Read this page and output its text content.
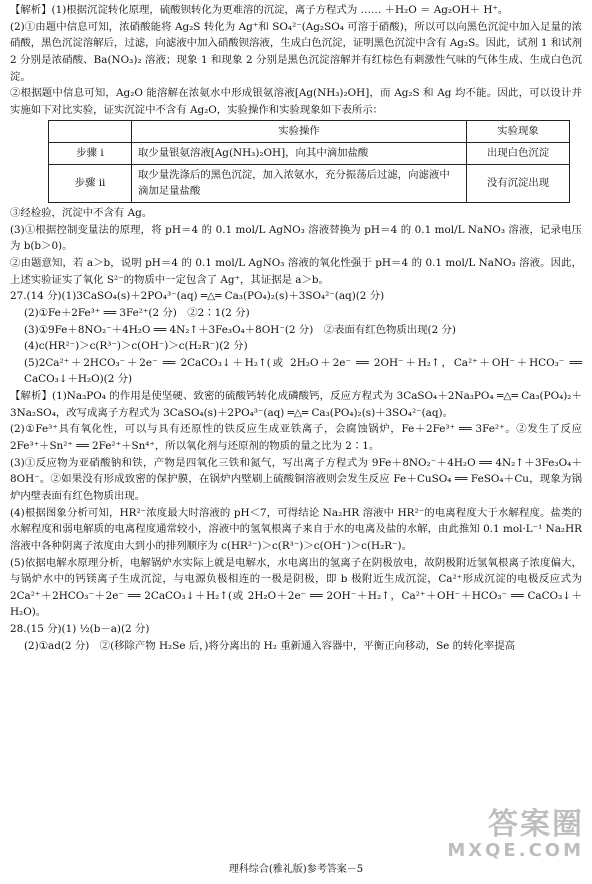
【解析】(1)根据沉淀转化原理，硫酸钡转化为更难溶的沉淀，离子方程式为 …… ＋H₂O ＝ Ag₂OH＋ H⁺。

(2)①由题中信息可知，浓硝酸能将 Ag₂S 转化为 Ag⁺和 SO₄²⁻(Ag₂SO₄ 可溶于硝酸)，所以可以向黑色沉淀中加入足量的浓硝酸，黑色沉淀溶解后，过滤，向滤液中加入硝酸钡溶液，生成白色沉淀，证明黑色沉淀中含有 Ag₂S。因此，试剂 1 和试剂 2 分别是浓硝酸、Ba(NO₃)₂ 溶液；现象 1 和现象 2 分别是黑色沉淀溶解并有红棕色有刺激性气味的气体生成、生成白色沉淀。

②根据题中信息可知，Ag₂O 能溶解在浓氨水中形成银氨溶液[Ag(NH₃)₂OH]，而 Ag₂S 和 Ag 均不能。因此，可以设计并实施如下对比实验，证实沉淀中不含有 Ag₂O，实验操作和实验现象如下表所示：

	实验操作	实验现象
步骤 i	取少量银氨溶液[Ag(NH₃)₂OH]，向其中滴加盐酸	出现白色沉淀
步骤 ii	取少量洗涤后的黑色沉淀，加入浓氨水，充分振荡后过滤，向滤液中滴加足量盐酸	没有沉淀出现

③经检验，沉淀中不含有 Ag。

(3)①根据控制变量法的原理，将 pH＝4 的 0.1 mol/L AgNO₃ 溶液替换为 pH＝4 的 0.1 mol/L NaNO₃ 溶液，记录电压为 b(b＞0)。

②由题意知，若 a＞b，说明 pH＝4 的 0.1 mol/L AgNO₃ 溶液的氧化性强于 pH＝4 的 0.1 mol/L NaNO₃ 溶液。因此，上述实验证实了氧化 S²⁻的物质中一定包含了 Ag⁺，其证据是 a＞b。

27.(14 分)(1)3CaSO₄(s)＋2PO₄³⁻(aq) ═△═ Ca₃(PO₄)₂(s)＋3SO₄²⁻(aq)(2 分)

(2)①Fe＋2Fe³⁺ ══ 3Fe²⁺(2 分)　②2∶1(2 分)

(3)①9Fe＋8NO₂⁻＋4H₂O ══ 4N₂↑＋3Fe₃O₄＋8OH⁻(2 分)　②表面有红色物质出现(2 分)

(4)c(HR²⁻)＞c(R³⁻)＞c(OH⁻)＞c(H₂R⁻)(2 分)

(5)2Ca²⁺＋2HCO₃⁻＋2e⁻ ══ 2CaCO₃↓＋H₂↑(或 2H₂O＋2e⁻ ══ 2OH⁻＋H₂↑，Ca²⁺＋OH⁻＋HCO₃⁻ ══ CaCO₃↓＋H₂O)(2 分)

【解析】(1)Na₃PO₄ 的作用是使坚硬、致密的硫酸钙转化成磷酸钙，反应方程式为 3CaSO₄＋2Na₃PO₄ ═△═ Ca₃(PO₄)₂＋3Na₂SO₄，改写成离子方程式为 3CaSO₄(s)＋2PO₄³⁻(aq) ═△═ Ca₃(PO₄)₂(s)＋3SO₄²⁻(aq)。

(2)①Fe³⁺具有氧化性，可以与具有还原性的铁反应生成亚铁离子，会腐蚀锅炉，Fe＋2Fe³⁺ ══ 3Fe²⁺。②发生了反应 2Fe³⁺＋Sn²⁺ ══ 2Fe²⁺＋Sn⁴⁺，所以氧化剂与还原剂的物质的量之比为 2∶1。

(3)①反应物为亚硝酸钠和铁，产物是四氧化三铁和氮气，写出离子方程式为 9Fe＋8NO₂⁻＋4H₂O ══ 4N₂↑＋3Fe₃O₄＋8OH⁻。②如果没有形成致密的保护膜，在锅炉内壁刷上硫酸铜溶液则会发生反应 Fe＋CuSO₄ ══ FeSO₄＋Cu，现象为锅炉内壁表面有红色物质出现。

(4)根据图象分析可知，HR²⁻浓度最大时溶液的 pH＜7，可得结论 Na₂HR 溶液中 HR²⁻的电离程度大于水解程度。盐类的水解程度和弱电解质的电离程度通常较小，溶液中的氢氧根离子来自于水的电离及盐的水解，由此推知 0.1 mol·L⁻¹ Na₂HR 溶液中各种阴离子浓度由大到小的排列顺序为 c(HR²⁻)＞c(R³⁻)＞c(OH⁻)＞c(H₂R⁻)。

(5)依据电解水原理分析，电解锅炉水实际上就是电解水，水电离出的氢离子在阴极放电，故阴极附近氢氧根离子浓度偏大，与锅炉水中的钙镁离子生成沉淀，与电源负极相连的一极是阴极，即 b 极附近生成沉淀，Ca²⁺形成沉淀的电极反应式为 2Ca²⁺＋2HCO₃⁻＋2e⁻ ══ 2CaCO₃↓＋H₂↑(或 2H₂O＋2e⁻ ══ 2OH⁻＋H₂↑，Ca²⁺＋OH⁻＋HCO₃⁻ ══ CaCO₃↓＋H₂O)。

28.(15 分)(1) ½(b－a)(2 分)

(2)①ad(2 分)　②(移除产物 H₂Se 后，)将分离出的 H₂ 重新通入容器中，平衡正向移动，Se 的转化率提高

答案圈
MXQE.COM
理科综合(雅礼版)参考答案－5
